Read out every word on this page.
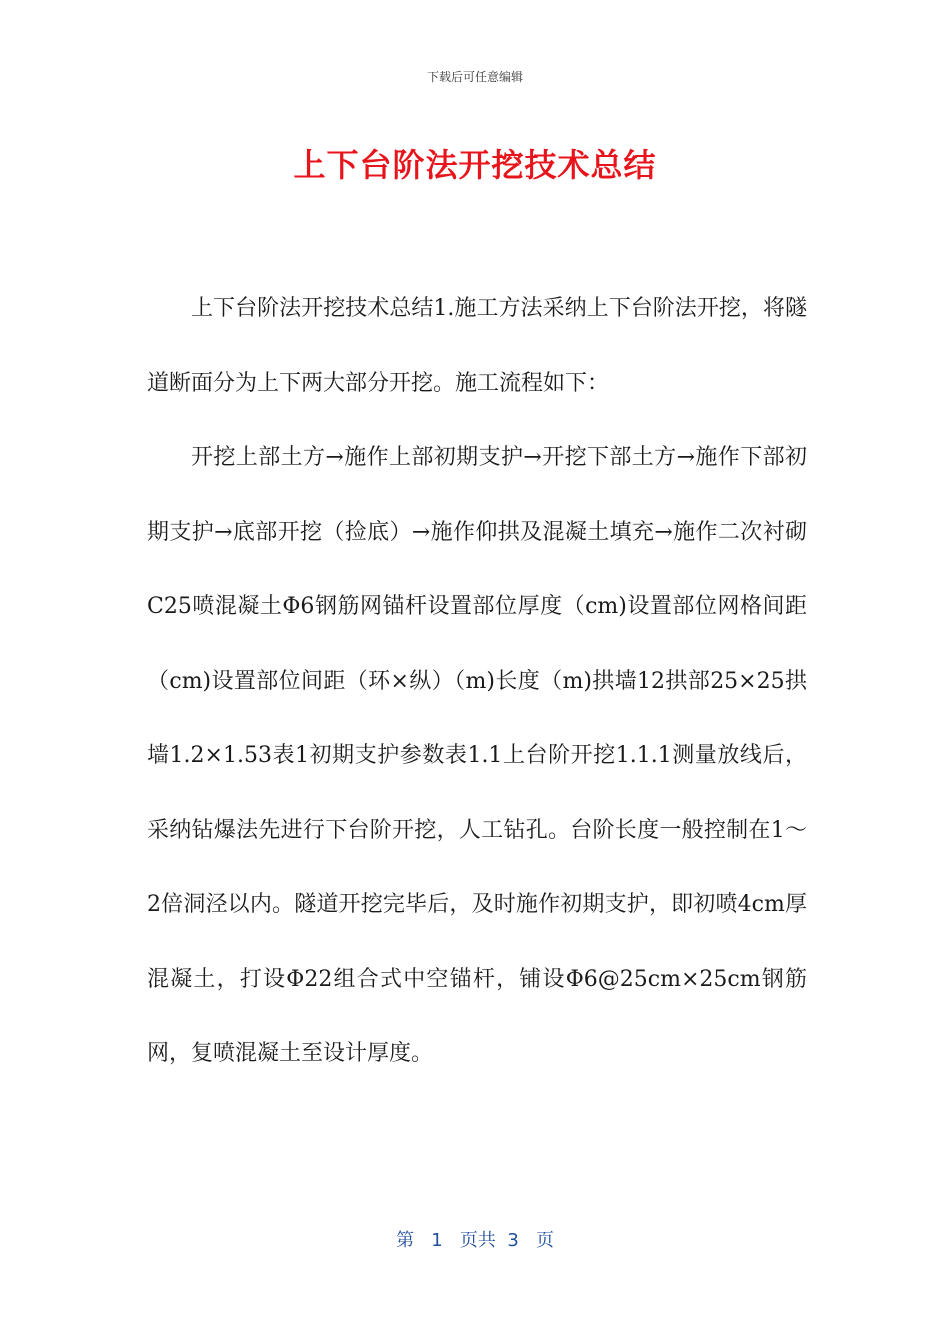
下载后可任意编辑
上下台阶法开挖技术总结

上下台阶法开挖技术总结1.施工方法采纳上下台阶法开挖，将隧道断面分为上下两大部分开挖。施工流程如下：

开挖上部土方→施作上部初期支护→开挖下部土方→施作下部初期支护→底部开挖（捡底）→施作仰拱及混凝土填充→施作二次衬砌C25喷混凝土Φ6钢筋网锚杆设置部位厚度（cm)设置部位网格间距（cm)设置部位间距（环×纵）（m)长度（m)拱墙12拱部25×25拱墙1.2×1.53表1初期支护参数表1.1上台阶开挖1.1.1测量放线后，采纳钻爆法先进行下台阶开挖，人工钻孔。台阶长度一般控制在1～2倍洞泾以内。隧道开挖完毕后，及时施作初期支护，即初喷4cm厚混凝土，打设Φ22组合式中空锚杆，铺设Φ6@25cm×25cm钢筋网，复喷混凝土至设计厚度。

第 1 页共 3 页
